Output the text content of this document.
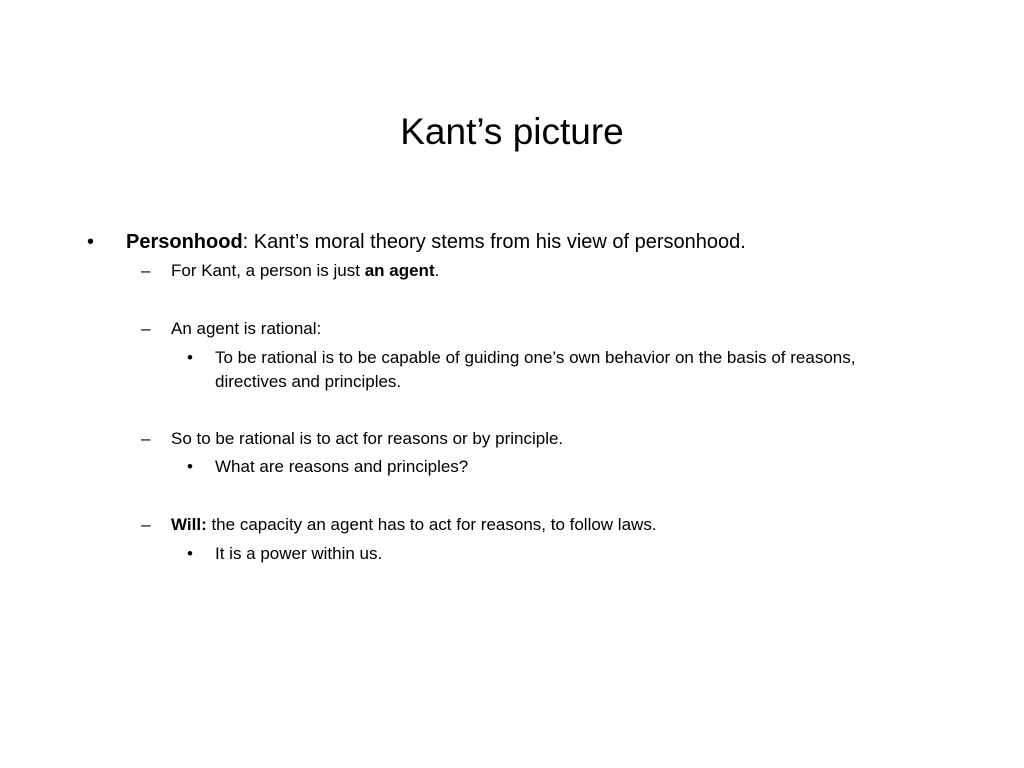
Kant’s picture
• Personhood: Kant’s moral theory stems from his view of personhood.
– For Kant, a person is just an agent.
– An agent is rational:
• To be rational is to be capable of guiding one’s own behavior on the basis of reasons, directives and principles.
– So to be rational is to act for reasons or by principle.
• What are reasons and principles?
– Will: the capacity an agent has to act for reasons, to follow laws.
• It is a power within us.
